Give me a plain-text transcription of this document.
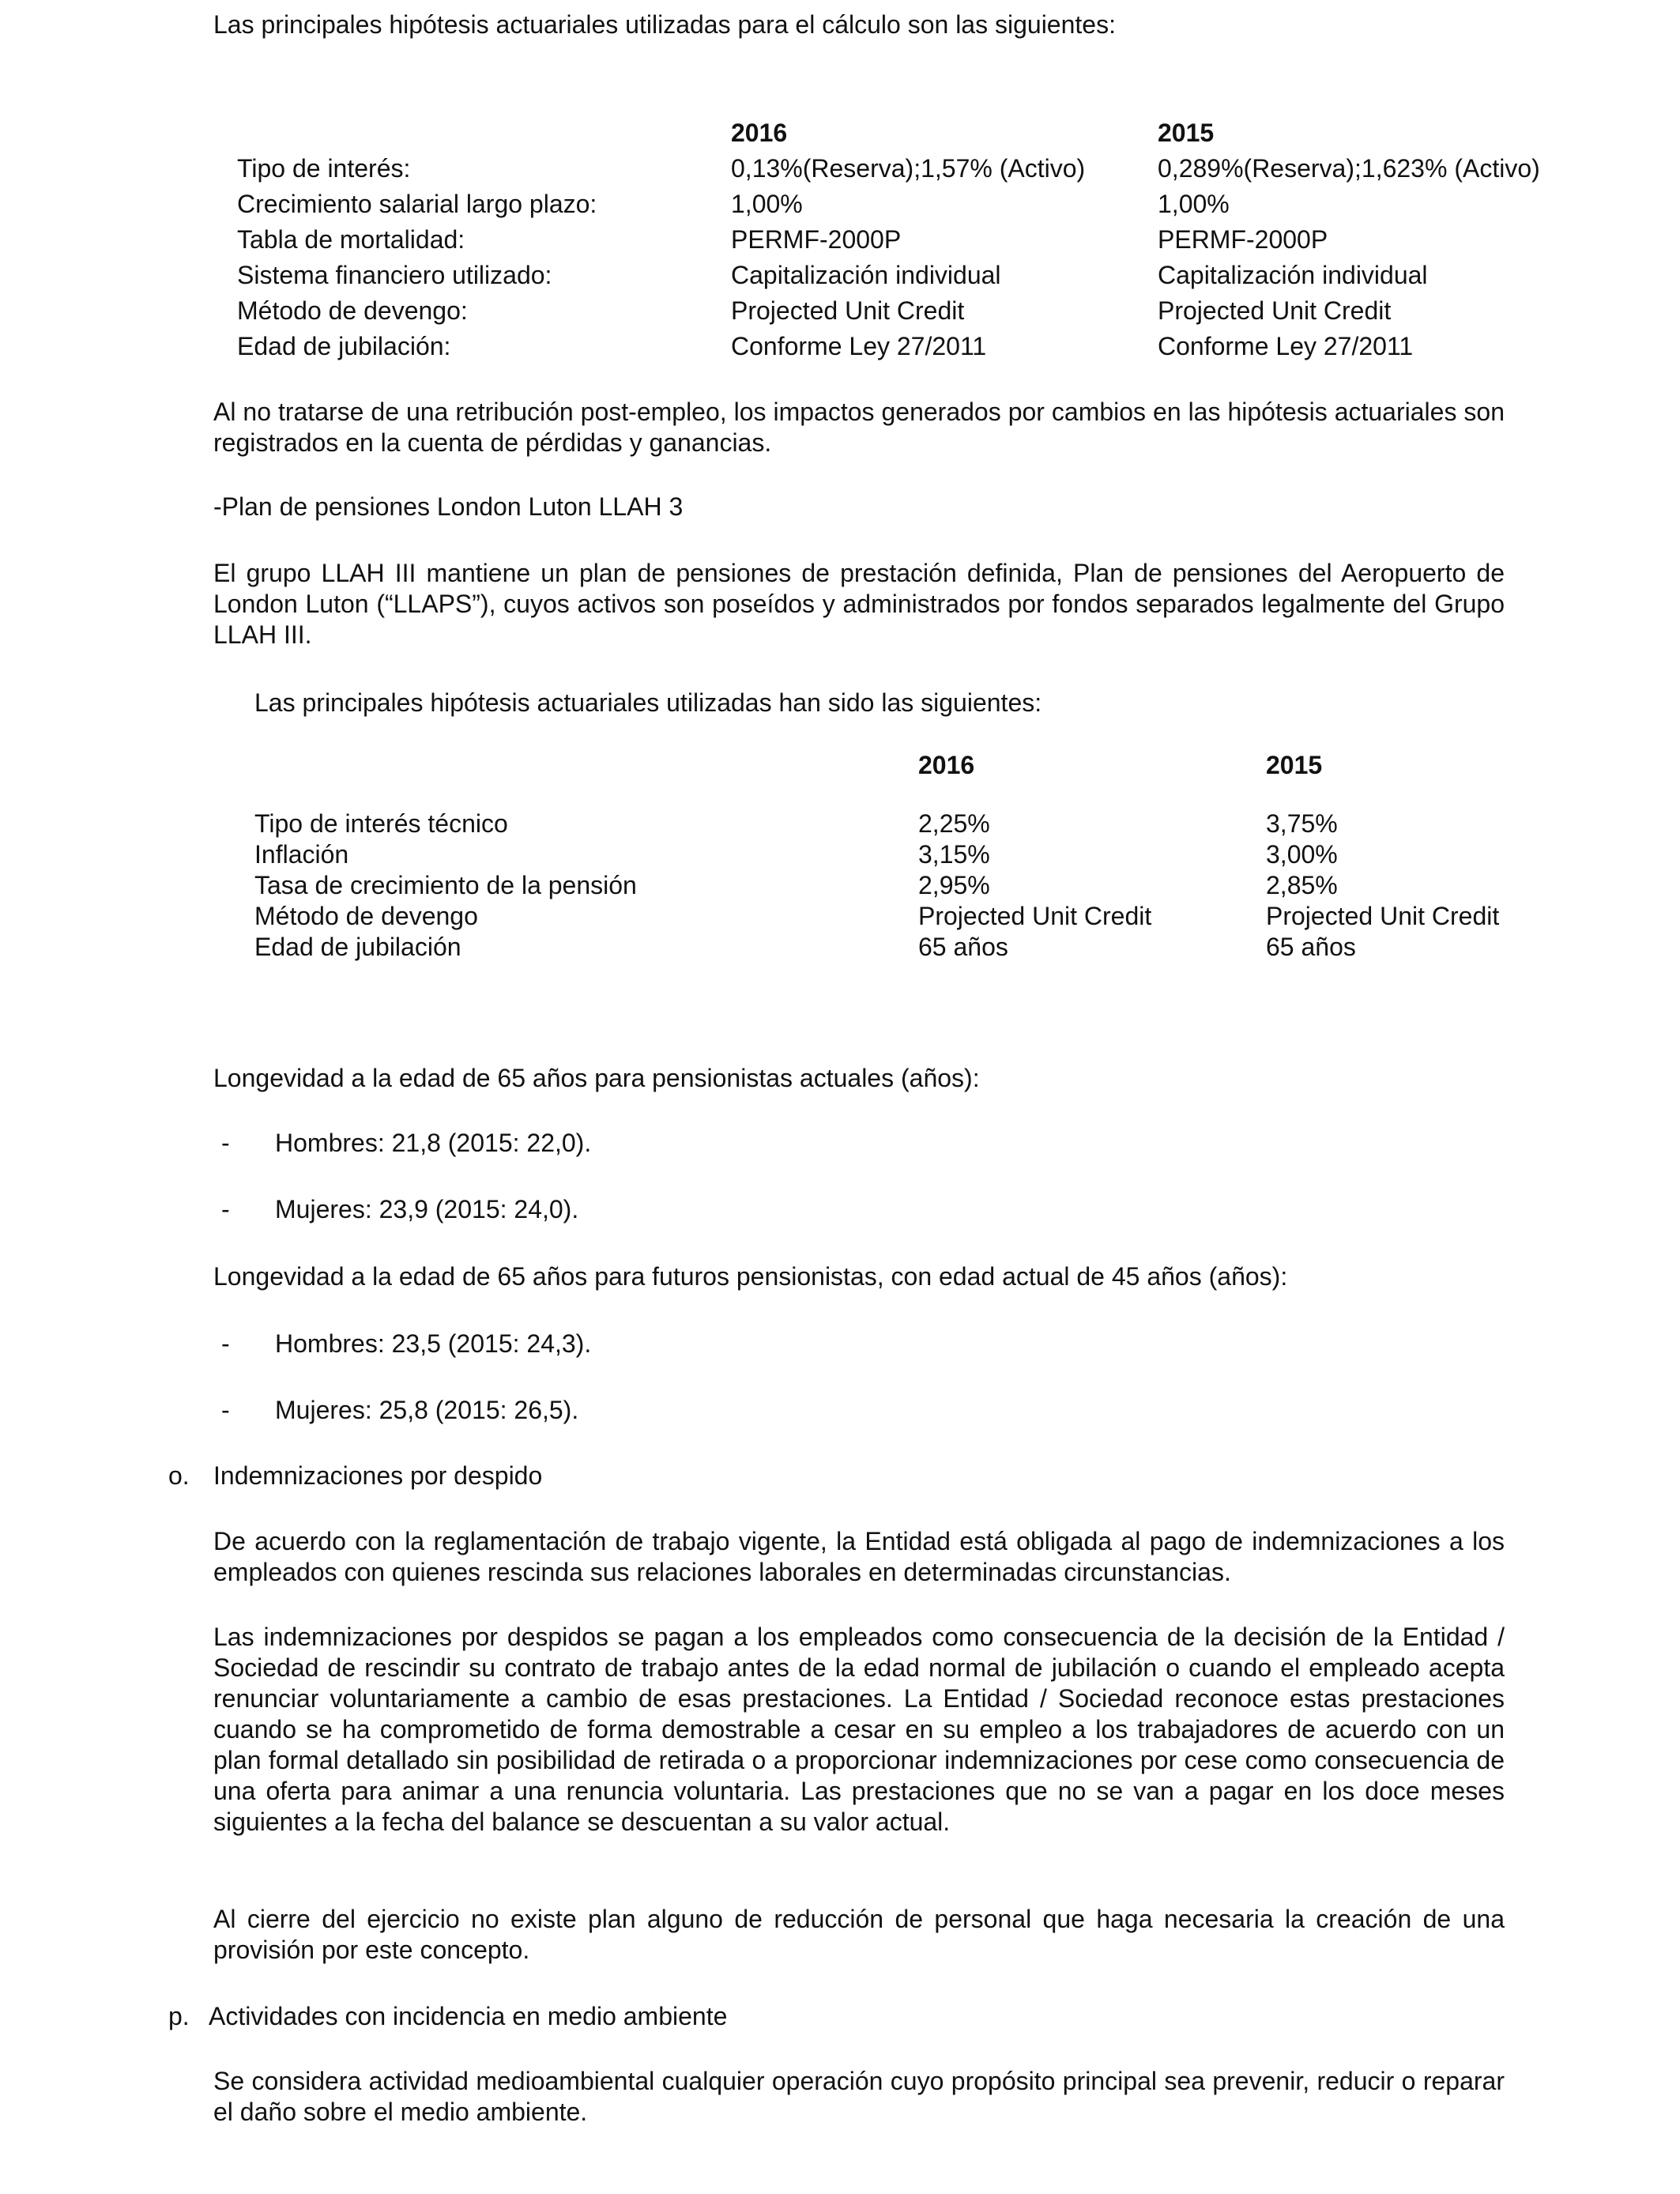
Las principales hipótesis actuariales utilizadas para el cálculo son las siguientes:

	2016	2015
Tipo de interés:	0,13%(Reserva);1,57% (Activo)	0,289%(Reserva);1,623% (Activo)
Crecimiento salarial largo plazo:	1,00%	1,00%
Tabla de mortalidad:	PERMF-2000P	PERMF-2000P
Sistema financiero utilizado:	Capitalización individual	Capitalización individual
Método de devengo:	Projected Unit Credit	Projected Unit Credit
Edad de jubilación:	Conforme Ley 27/2011	Conforme Ley 27/2011

Al no tratarse de una retribución post-empleo, los impactos generados por cambios en las hipótesis actuariales son registrados en la cuenta de pérdidas y ganancias.

-Plan de pensiones London Luton LLAH 3

El grupo LLAH III mantiene un plan de pensiones de prestación definida, Plan de pensiones del Aeropuerto de London Luton (“LLAPS”), cuyos activos son poseídos y administrados por fondos separados legalmente del Grupo LLAH III.

Las principales hipótesis actuariales utilizadas han sido las siguientes:

	2016	2015
Tipo de interés técnico	2,25%	3,75%
Inflación	3,15%	3,00%
Tasa de crecimiento de la pensión	2,95%	2,85%
Método de devengo	Projected Unit Credit	Projected Unit Credit
Edad de jubilación	65 años	65 años

Longevidad a la edad de 65 años para pensionistas actuales (años):

- Hombres: 21,8 (2015: 22,0).

- Mujeres: 23,9 (2015: 24,0).

Longevidad a la edad de 65 años para futuros pensionistas, con edad actual de 45 años (años):

- Hombres: 23,5 (2015: 24,3).

- Mujeres: 25,8 (2015: 26,5).

o. Indemnizaciones por despido

De acuerdo con la reglamentación de trabajo vigente, la Entidad está obligada al pago de indemnizaciones a los empleados con quienes rescinda sus relaciones laborales en determinadas circunstancias.

Las indemnizaciones por despidos se pagan a los empleados como consecuencia de la decisión de la Entidad / Sociedad de rescindir su contrato de trabajo antes de la edad normal de jubilación o cuando el empleado acepta renunciar voluntariamente a cambio de esas prestaciones. La Entidad / Sociedad reconoce estas prestaciones cuando se ha comprometido de forma demostrable a cesar en su empleo a los trabajadores de acuerdo con un plan formal detallado sin posibilidad de retirada o a proporcionar indemnizaciones por cese como consecuencia de una oferta para animar a una renuncia voluntaria. Las prestaciones que no se van a pagar en los doce meses siguientes a la fecha del balance se descuentan a su valor actual.

Al cierre del ejercicio no existe plan alguno de reducción de personal que haga necesaria la creación de una provisión por este concepto.

p. Actividades con incidencia en medio ambiente

Se considera actividad medioambiental cualquier operación cuyo propósito principal sea prevenir, reducir o reparar el daño sobre el medio ambiente.
